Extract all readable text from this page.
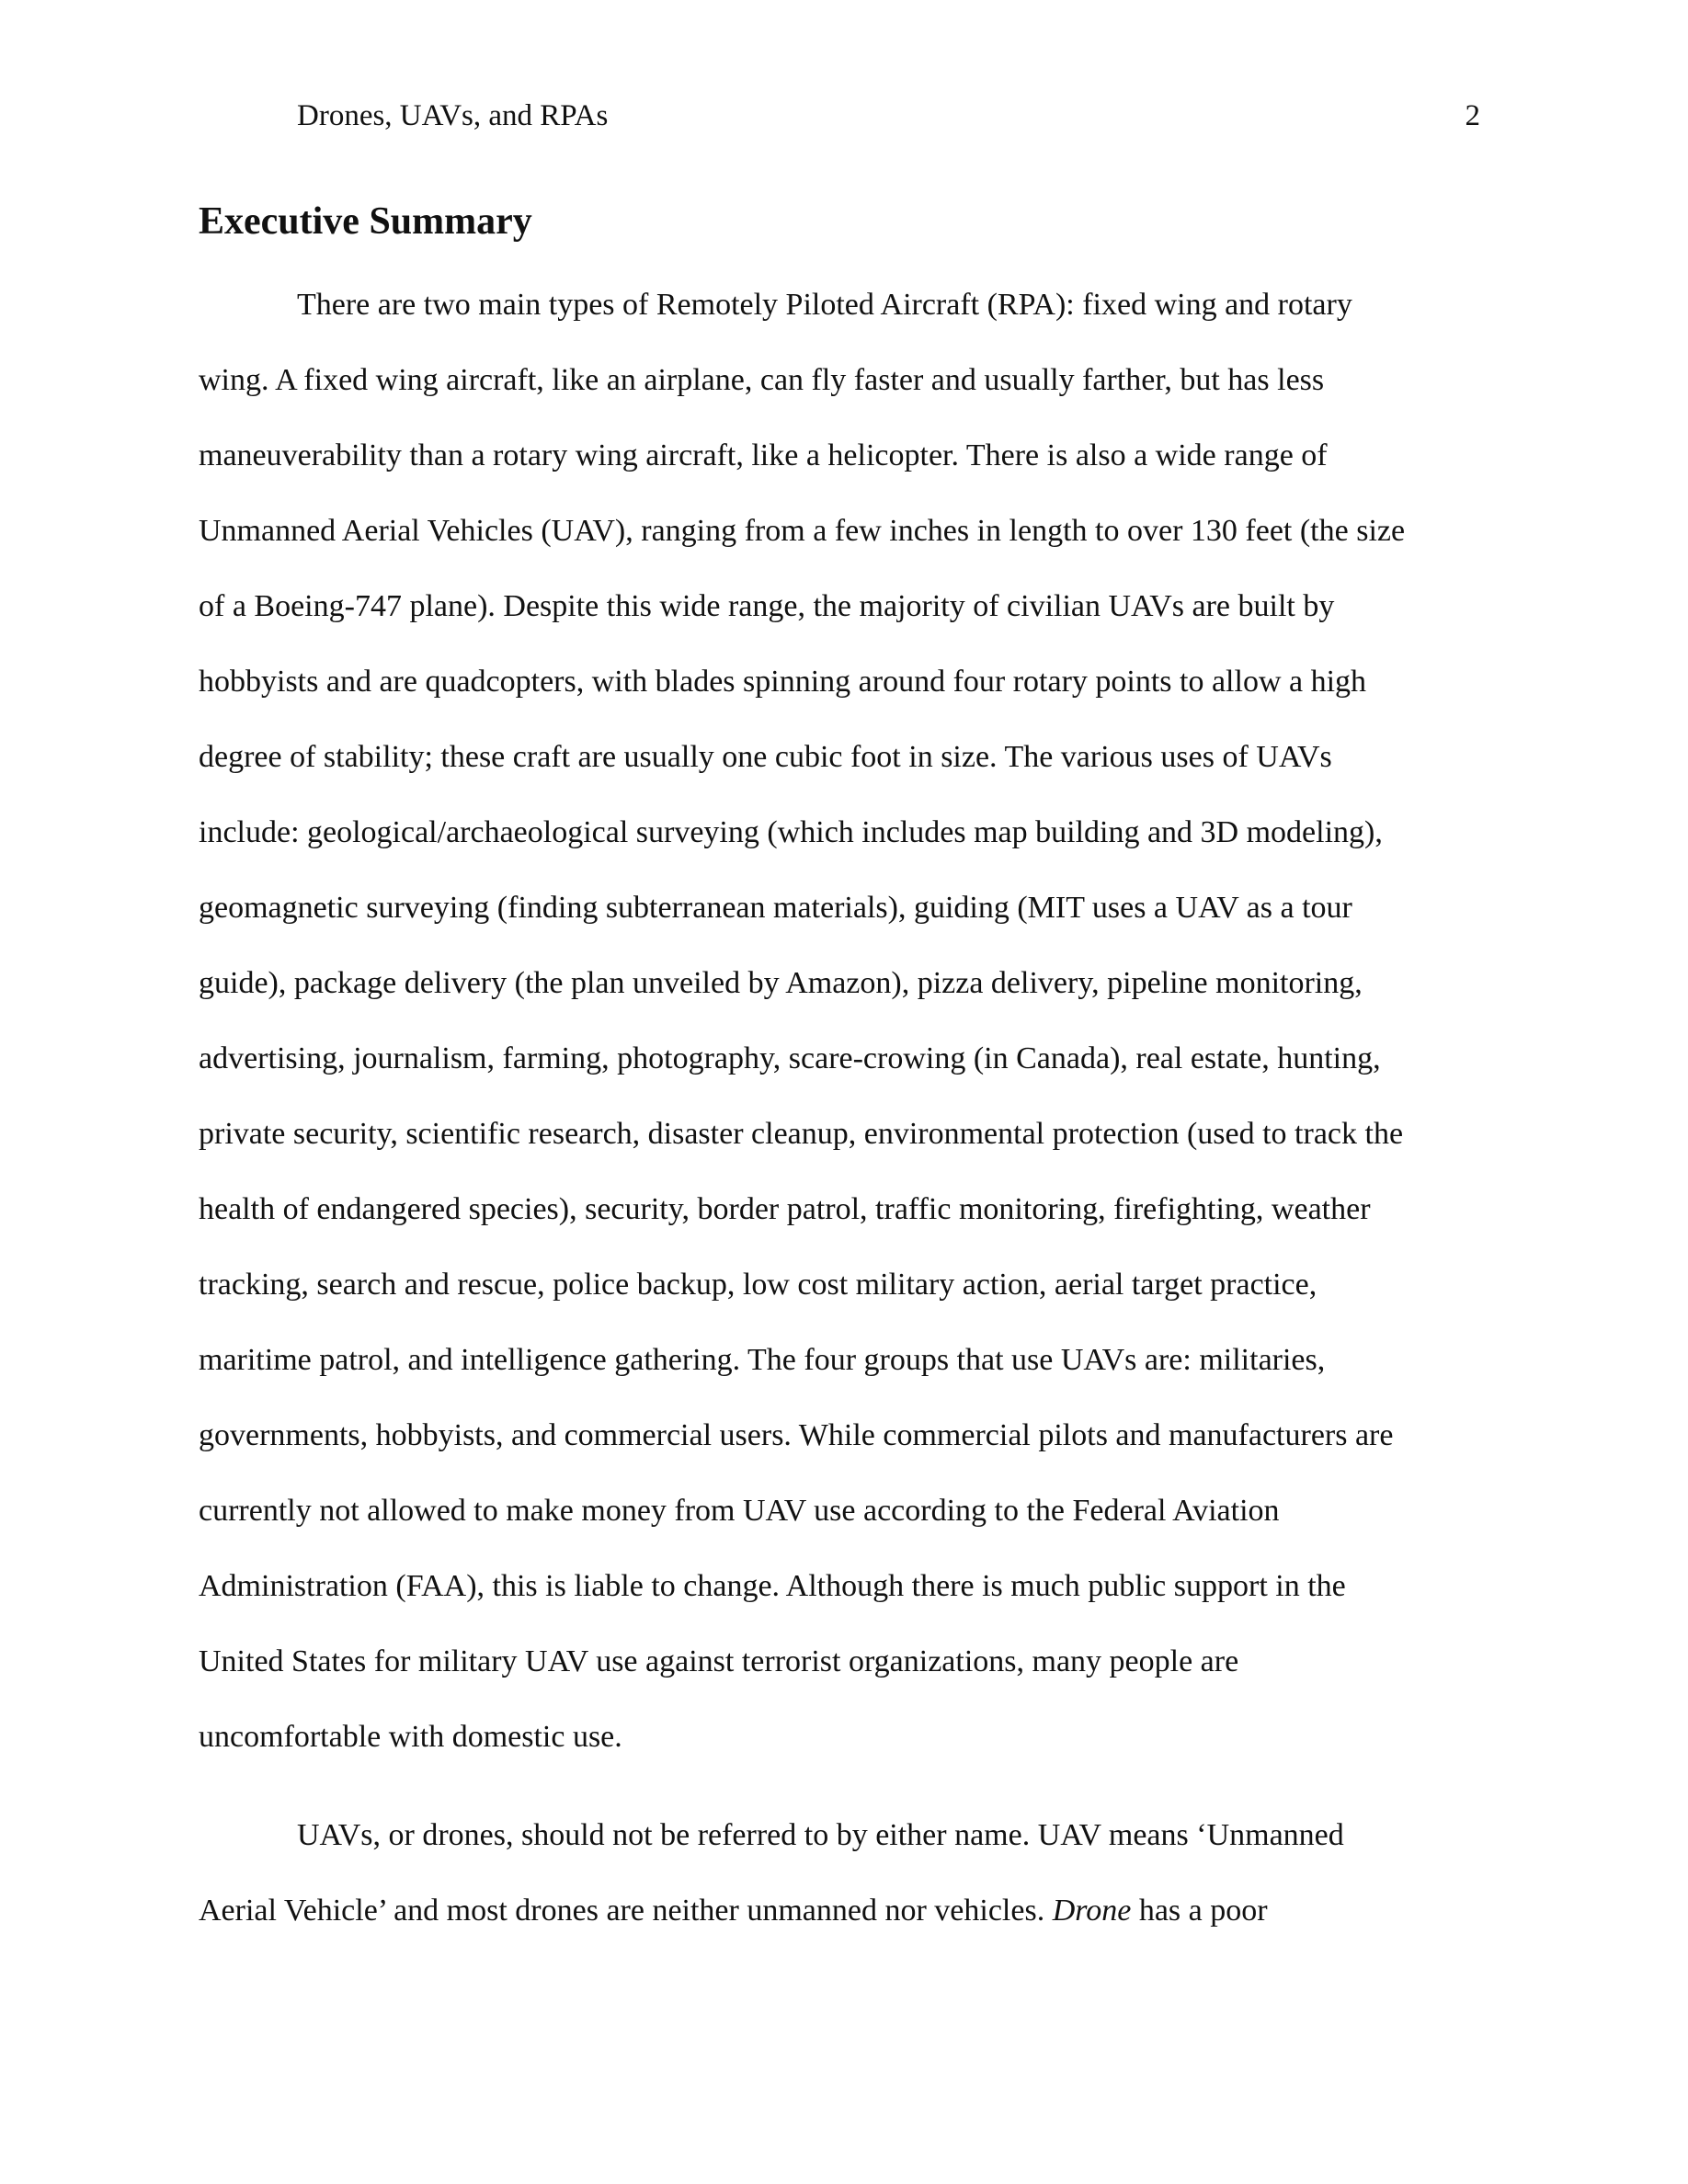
Drones, UAVs, and RPAs	2
Executive Summary

There are two main types of Remotely Piloted Aircraft (RPA): fixed wing and rotary

wing. A fixed wing aircraft, like an airplane, can fly faster and usually farther, but has less

maneuverability than a rotary wing aircraft, like a helicopter. There is also a wide range of

Unmanned Aerial Vehicles (UAV), ranging from a few inches in length to over 130 feet (the size

of a Boeing-747 plane). Despite this wide range, the majority of civilian UAVs are built by

hobbyists and are quadcopters, with blades spinning around four rotary points to allow a high

degree of stability; these craft are usually one cubic foot in size. The various uses of UAVs

include: geological/archaeological surveying (which includes map building and 3D modeling),

geomagnetic surveying (finding subterranean materials), guiding (MIT uses a UAV as a tour

guide), package delivery (the plan unveiled by Amazon), pizza delivery, pipeline monitoring,

advertising, journalism, farming, photography, scare-crowing (in Canada), real estate, hunting,

private security, scientific research, disaster cleanup, environmental protection (used to track the

health of endangered species), security, border patrol, traffic monitoring, firefighting, weather

tracking, search and rescue, police backup, low cost military action, aerial target practice,

maritime patrol, and intelligence gathering. The four groups that use UAVs are: militaries,

governments, hobbyists, and commercial users. While commercial pilots and manufacturers are

currently not allowed to make money from UAV use according to the Federal Aviation

Administration (FAA), this is liable to change. Although there is much public support in the

United States for military UAV use against terrorist organizations, many people are

uncomfortable with domestic use.

UAVs, or drones, should not be referred to by either name. UAV means ‘Unmanned

Aerial Vehicle’ and most drones are neither unmanned nor vehicles. Drone has a poor
